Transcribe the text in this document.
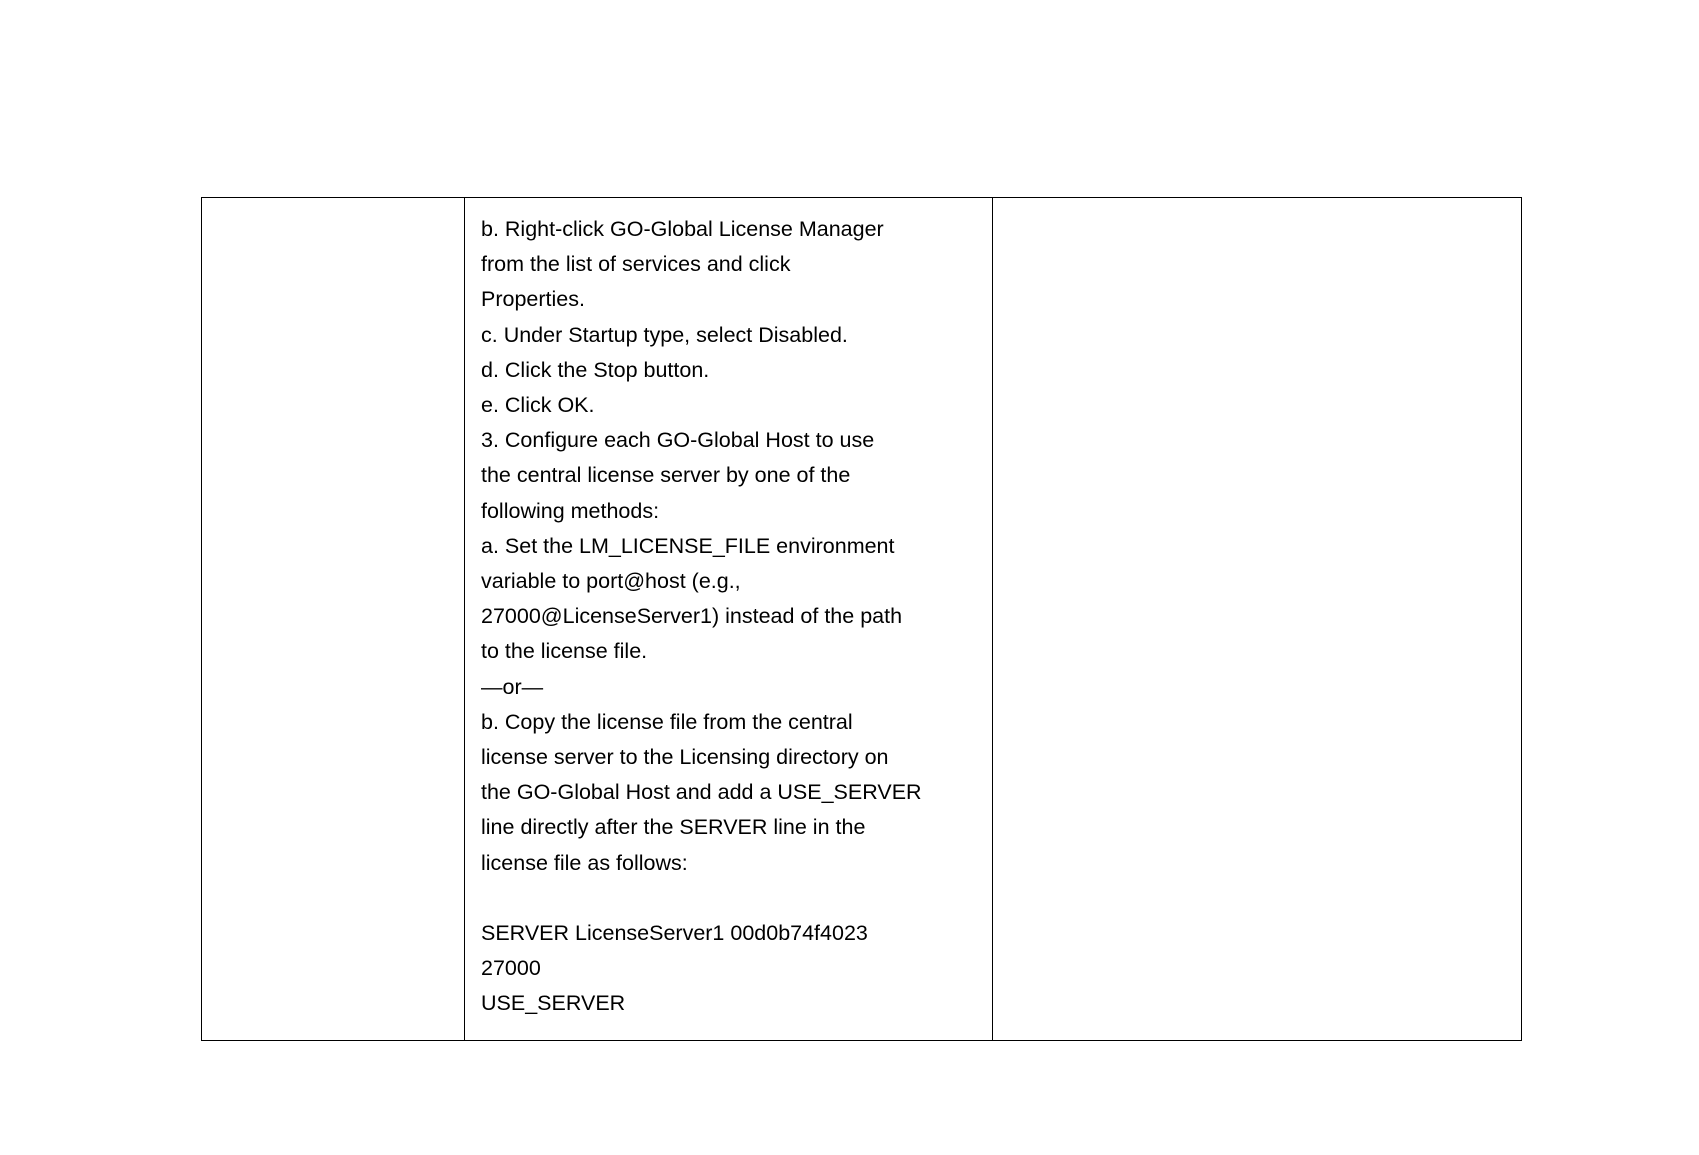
b. Right-click GO-Global License Manager
from the list of services and click
Properties.
c. Under Startup type, select Disabled.
d. Click the Stop button.
e. Click OK.
3. Configure each GO-Global Host to use
the central license server by one of the
following methods:
a. Set the LM_LICENSE_FILE environment
variable to port@host (e.g.,
27000@LicenseServer1) instead of the path
to the license file.
—or—
b. Copy the license file from the central
license server to the Licensing directory on
the GO-Global Host and add a USE_SERVER
line directly after the SERVER line in the
license file as follows:
SERVER LicenseServer1 00d0b74f4023
27000
USE_SERVER
